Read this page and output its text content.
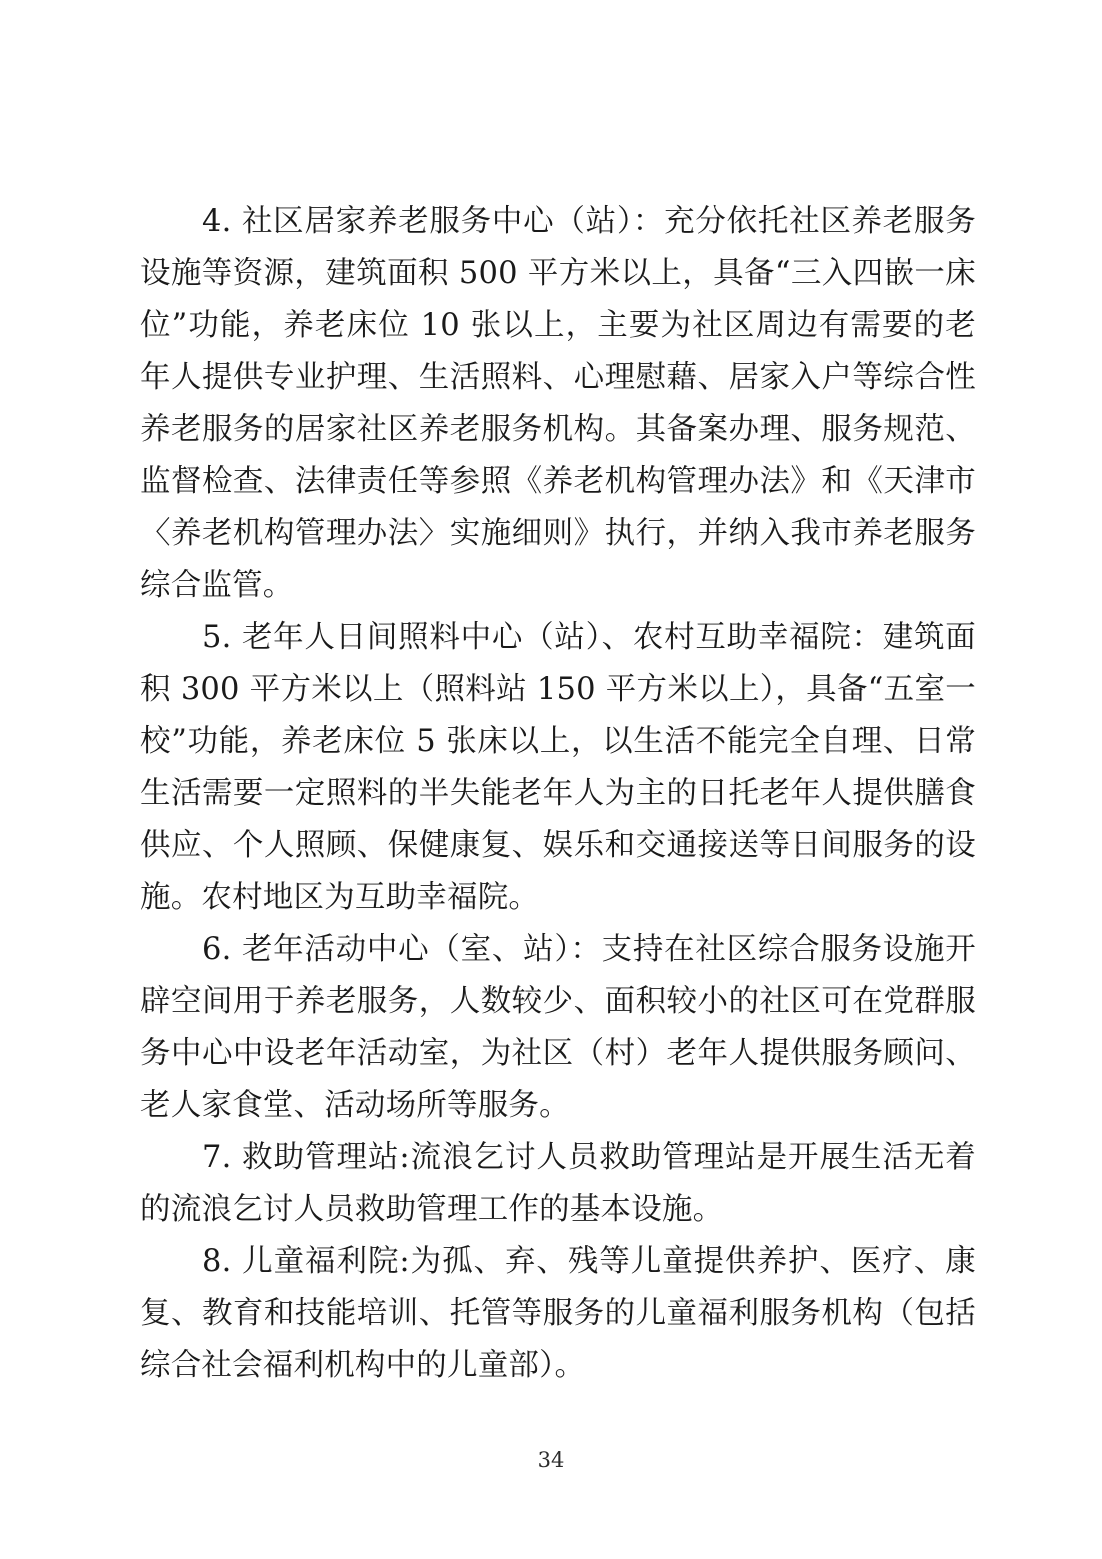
4. 社区居家养老服务中心（站）：充分依托社区养老服务设施等资源，建筑面积 500 平方米以上，具备“三入四嵌一床位”功能，养老床位 10 张以上，主要为社区周边有需要的老年人提供专业护理、生活照料、心理慰藉、居家入户等综合性养老服务的居家社区养老服务机构。其备案办理、服务规范、监督检查、法律责任等参照《养老机构管理办法》和《天津市〈养老机构管理办法〉实施细则》执行，并纳入我市养老服务综合监管。

5. 老年人日间照料中心（站）、农村互助幸福院：建筑面积 300 平方米以上（照料站 150 平方米以上），具备“五室一校”功能，养老床位 5 张床以上，以生活不能完全自理、日常生活需要一定照料的半失能老年人为主的日托老年人提供膳食供应、个人照顾、保健康复、娱乐和交通接送等日间服务的设施。农村地区为互助幸福院。

6. 老年活动中心（室、站）：支持在社区综合服务设施开辟空间用于养老服务，人数较少、面积较小的社区可在党群服务中心中设老年活动室，为社区（村）老年人提供服务顾问、老人家食堂、活动场所等服务。

7. 救助管理站:流浪乞讨人员救助管理站是开展生活无着的流浪乞讨人员救助管理工作的基本设施。

8. 儿童福利院:为孤、弃、残等儿童提供养护、医疗、康复、教育和技能培训、托管等服务的儿童福利服务机构（包括综合社会福利机构中的儿童部）。

34
